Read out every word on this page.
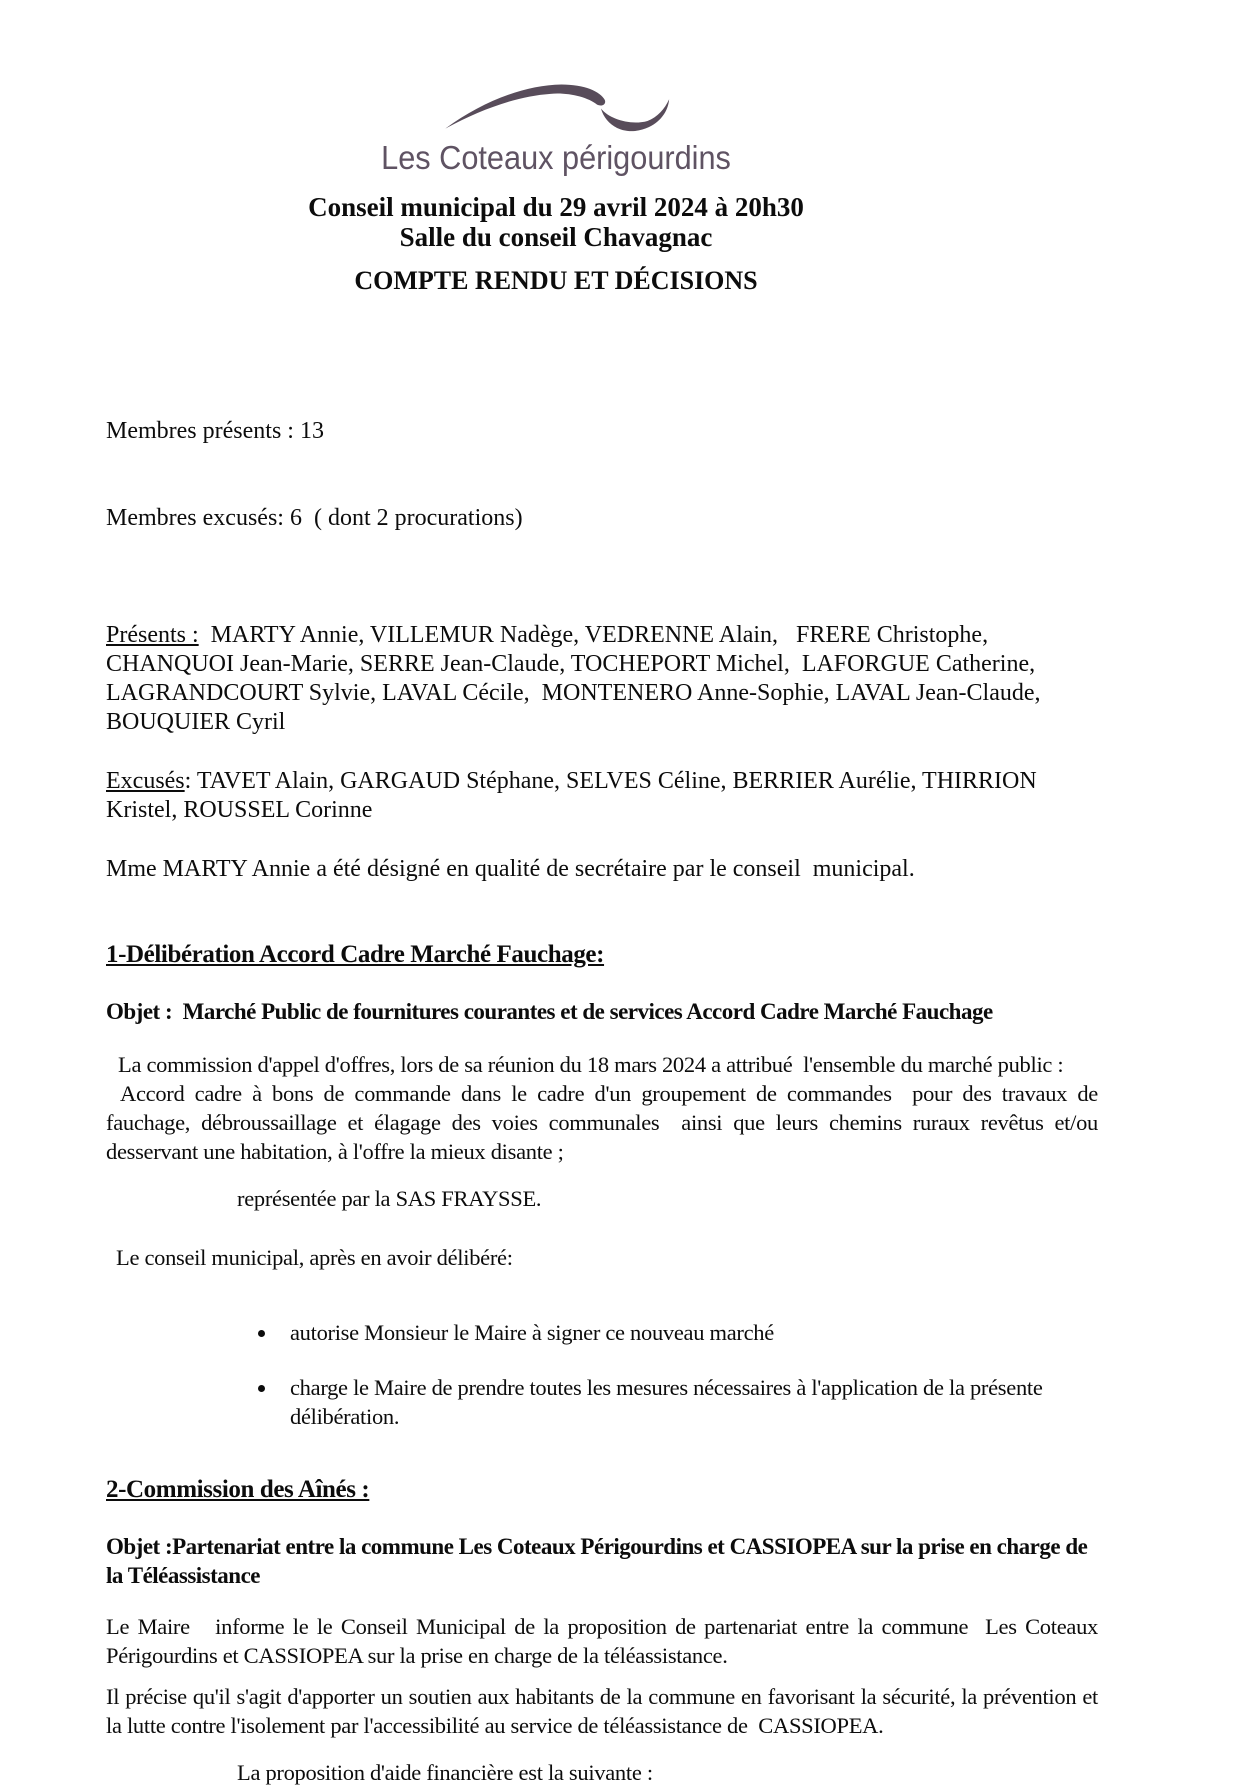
Les Coteaux périgourdins
Conseil municipal du 29 avril 2024 à 20h30
Salle du conseil Chavagnac
COMPTE RENDU ET DÉCISIONS

Membres présents : 13

Membres excusés: 6  ( dont 2 procurations)

Présents :  MARTY Annie, VILLEMUR Nadège, VEDRENNE Alain,   FRERE Christophe, CHANQUOI Jean-Marie, SERRE Jean-Claude, TOCHEPORT Michel,  LAFORGUE Catherine, LAGRANDCOURT Sylvie, LAVAL Cécile,  MONTENERO Anne-Sophie, LAVAL Jean-Claude, BOUQUIER Cyril
Excusés: TAVET Alain, GARGAUD Stéphane, SELVES Céline, BERRIER Aurélie, THIRRION Kristel, ROUSSEL Corinne
Mme MARTY Annie a été désigné en qualité de secrétaire par le conseil  municipal.
1-Délibération Accord Cadre Marché Fauchage:
Objet :  Marché Public de fournitures courantes et de services Accord Cadre Marché Fauchage
La commission d'appel d'offres, lors de sa réunion du 18 mars 2024 a attribué  l'ensemble du marché public :
Accord cadre à bons de commande dans le cadre d'un groupement de commandes  pour des travaux de fauchage, débroussaillage et élagage des voies communales  ainsi que leurs chemins ruraux revêtus et/ou desservant une habitation, à l'offre la mieux disante ;
représentée par la SAS FRAYSSE.
Le conseil municipal, après en avoir délibéré:
• autorise Monsieur le Maire à signer ce nouveau marché
• charge le Maire de prendre toutes les mesures nécessaires à l'application de la présente délibération.
2-Commission des Aînés :
Objet :Partenariat entre la commune Les Coteaux Périgourdins et CASSIOPEA sur la prise en charge de la Téléassistance
Le Maire   informe le le Conseil Municipal de la proposition de partenariat entre la commune  Les Coteaux Périgourdins et CASSIOPEA sur la prise en charge de la téléassistance.
Il précise qu'il s'agit d'apporter un soutien aux habitants de la commune en favorisant la sécurité, la prévention et la lutte contre l'isolement par l'accessibilité au service de téléassistance de  CASSIOPEA.
La proposition d'aide financière est la suivante :
